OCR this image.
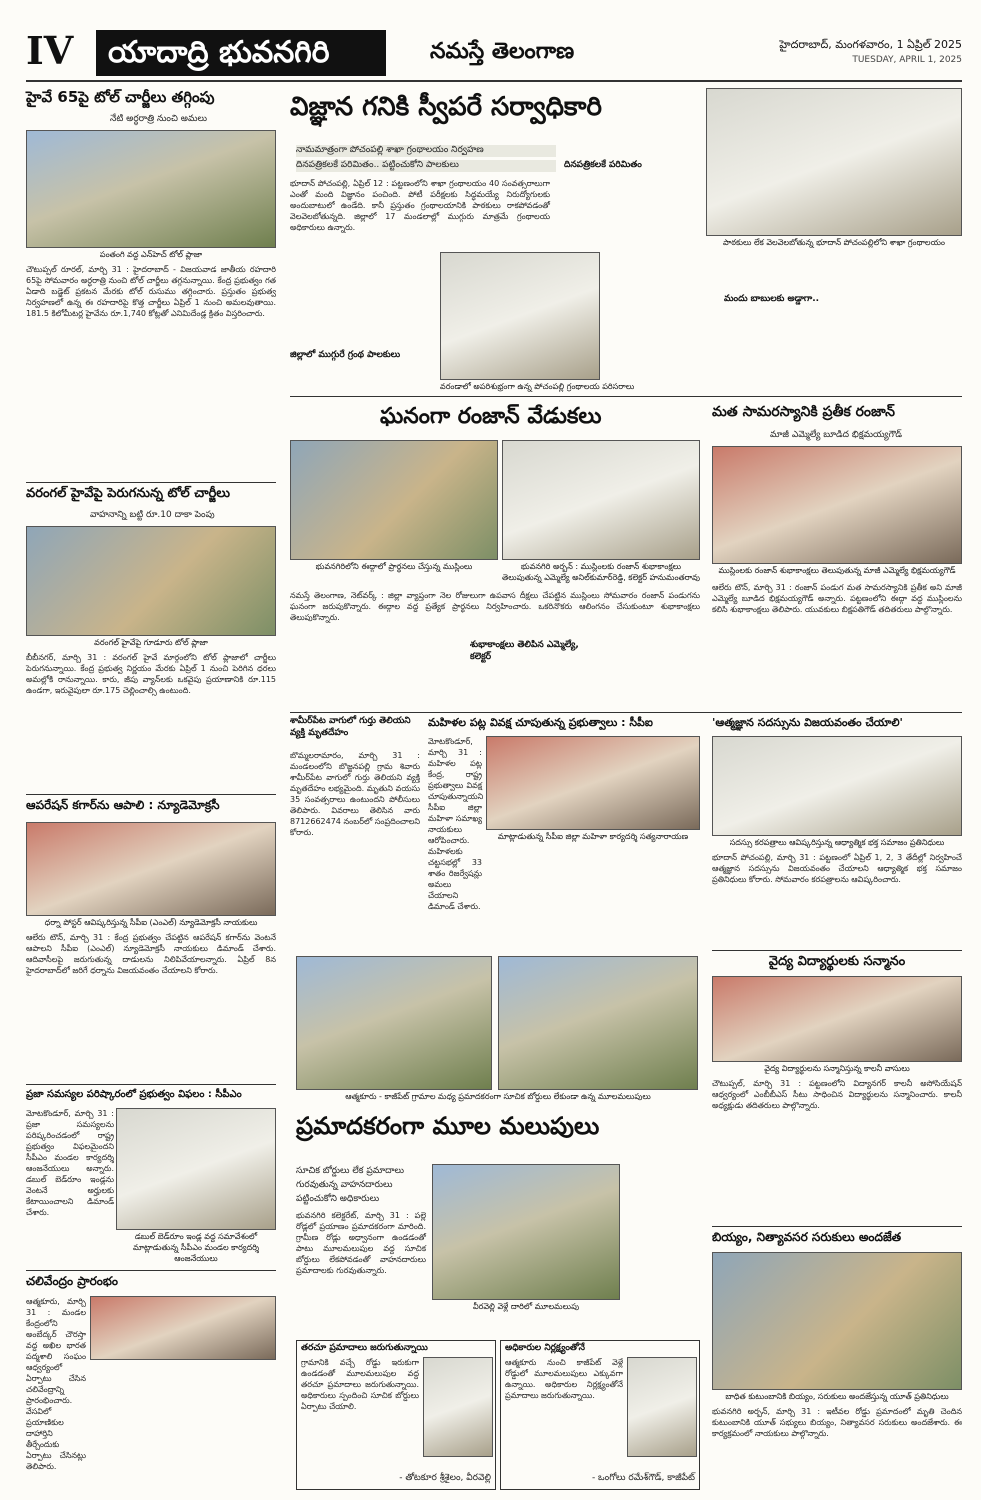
IV	యాదాద్రి భువనగిరి	నమస్తే తెలంగాణ	హైదరాబాద్, మంగళవారం, 1 ఏప్రిల్ 2025
TUESDAY, APRIL 1, 2025
హైవే 65పై టోల్ చార్జీలు తగ్గింపు
నేటి అర్ధరాత్రి నుంచి అమలు
పంతంగి వద్ద ఎన్‌హెచ్ టోల్ ప్లాజా
చౌటుప్పల్ రూరల్, మార్చి 31 : హైదరాబాద్ - విజయవాడ జాతీయ రహదారి 65పై సోమవారం అర్ధరాత్రి నుంచి టోల్ చార్జీలు తగ్గనున్నాయి. కేంద్ర ప్రభుత్వం గత ఏడాది బడ్జెట్ ప్రకటన మేరకు టోల్ రుసుము తగ్గించారు. ప్రస్తుతం ప్రభుత్వ నిర్వహణలో ఉన్న ఈ రహదారిపై కొత్త చార్జీలు ఏప్రిల్ 1 నుంచి అమలవుతాయి. 181.5 కిలోమీటర్ల హైవేను రూ.1,740 కోట్లతో ఎనిమిదేండ్ల క్రితం విస్తరించారు.
వరంగల్ హైవేపై పెరుగనున్న టోల్ చార్జీలు
వాహనాన్ని బట్టి రూ.10 దాకా పెంపు
వరంగల్ హైవేపై గూడూరు టోల్ ప్లాజా
బీబీనగర్, మార్చి 31 : వరంగల్ హైవే మార్గంలోని టోల్ ప్లాజాలో చార్జీలు పెరుగనున్నాయి. కేంద్ర ప్రభుత్వ నిర్ణయం మేరకు ఏప్రిల్ 1 నుంచి పెరిగిన ధరలు అమల్లోకి రానున్నాయి. కారు, జీపు వ్యాన్‌లకు ఒకవైపు ప్రయాణానికి రూ.115 ఉండగా, ఇరువైపులా రూ.175 చెల్లించాల్సి ఉంటుంది.
ఆపరేషన్ కగార్‌ను ఆపాలి : న్యూడెమోక్రసీ
ధర్నా పోస్టర్ ఆవిష్కరిస్తున్న సీపీఐ (ఎంఎల్) న్యూడెమోక్రసీ నాయకులు
ఆలేరు టౌన్, మార్చి 31 : కేంద్ర ప్రభుత్వం చేపట్టిన ఆపరేషన్ కగార్‌ను వెంటనే ఆపాలని సీపీఐ (ఎంఎల్) న్యూడెమోక్రసీ నాయకులు డిమాండ్ చేశారు. ఆదివాసీలపై జరుగుతున్న దాడులను నిలిపివేయాలన్నారు. ఏప్రిల్ 8న హైదరాబాద్‌లో జరిగే ధర్నాను విజయవంతం చేయాలని కోరారు.
ప్రజా సమస్యల పరిష్కారంలో ప్రభుత్వం విఫలం : సీపీఎం
మోటకొండూర్, మార్చి 31 : ప్రజా సమస్యలను పరిష్కరించడంలో రాష్ట్ర ప్రభుత్వం విఫలమైందని సీపీఎం మండల కార్యదర్శి ఆంజనేయులు అన్నారు. డబుల్ బెడ్‌రూం ఇండ్లను వెంటనే అర్హులకు కేటాయించాలని డిమాండ్ చేశారు.
డబుల్ బెడ్‌రూం ఇండ్ల వద్ద సమావేశంలో మాట్లాడుతున్న సీపీఎం మండల కార్యదర్శి ఆంజనేయులు
చలివేంద్రం ప్రారంభం
ఆత్మకూరు, మార్చి 31 : మండల కేంద్రంలోని అంబేద్కర్ చౌరస్తా వద్ద అఖిల భారత పద్మశాలి సంఘం ఆధ్వర్యంలో ఏర్పాటు చేసిన చలివేంద్రాన్ని ప్రారంభించారు. వేసవిలో ప్రయాణికుల దాహార్తిని తీర్చేందుకు ఏర్పాటు చేసినట్లు తెలిపారు.
విజ్ఞాన గనికి స్వీపరే సర్వాధికారి
నామమాత్రంగా పోచంపల్లి శాఖా గ్రంథాలయం నిర్వహణ
దినపత్రికలకే పరిమితం.. పట్టించుకోని పాలకులు
భూదాన్ పోచంపల్లి, ఏప్రిల్ 12 : పట్టణంలోని శాఖా గ్రంథాలయం 40 సంవత్సరాలుగా ఎంతో మంది విజ్ఞానం పంచింది. పోటీ పరీక్షలకు సిద్ధమయ్యే నిరుద్యోగులకు అందుబాటులో ఉండేది. కానీ ప్రస్తుతం గ్రంథాలయానికి పాఠకులు రాకపోవడంతో వెలవెలబోతున్నది. జిల్లాలో 17 మండలాల్లో ముగ్గురు మాత్రమే గ్రంథాలయ అధికారులు ఉన్నారు.
జిల్లాలో ముగ్గురే గ్రంథ పాలకులు
వరండాలో అపరిశుభ్రంగా ఉన్న పోచంపల్లి గ్రంథాలయ పరిసరాలు
దినపత్రికలకే పరిమితం
పాఠకులు లేక వెలవెలబోతున్న భూదాన్ పోచంపల్లిలోని శాఖా గ్రంథాలయం
మందు బాబులకు అడ్డాగా..
ఘనంగా రంజాన్ వేడుకలు
భువనగిరిలోని ఈద్గాలో ప్రార్థనలు చేస్తున్న ముస్లింలు	భువనగిరి అర్బన్ : ముస్లింలకు రంజాన్ శుభాకాంక్షలు తెలుపుతున్న ఎమ్మెల్యే అనిల్‌కుమార్‌రెడ్డి, కలెక్టర్ హనుమంతరావు
నమస్తే తెలంగాణ, నెట్‌వర్క్ : జిల్లా వ్యాప్తంగా నెల రోజులుగా ఉపవాస దీక్షలు చేపట్టిన ముస్లింలు సోమవారం రంజాన్ పండుగను ఘనంగా జరుపుకొన్నారు. ఈద్గాల వద్ద ప్రత్యేక ప్రార్థనలు నిర్వహించారు. ఒకరినొకరు ఆలింగనం చేసుకుంటూ శుభాకాంక్షలు తెలుపుకొన్నారు.
శుభాకాంక్షలు తెలిపిన ఎమ్మెల్యే, కలెక్టర్
మత సామరస్యానికి ప్రతీక రంజాన్
మాజీ ఎమ్మెల్యే బూడిద భిక్షమయ్యగౌడ్
ముస్లింలకు రంజాన్ శుభాకాంక్షలు తెలుపుతున్న మాజీ ఎమ్మెల్యే భిక్షమయ్యగౌడ్
ఆలేరు టౌన్, మార్చి 31 : రంజాన్ పండుగ మత సామరస్యానికి ప్రతీక అని మాజీ ఎమ్మెల్యే బూడిద భిక్షమయ్యగౌడ్ అన్నారు. పట్టణంలోని ఈద్గా వద్ద ముస్లింలను కలిసి శుభాకాంక్షలు తెలిపారు. యువకులు బిక్షపతిగౌడ్ తదితరులు పాల్గొన్నారు.
శామీర్‌పేట వాగులో గుర్తు తెలియని వ్యక్తి మృతదేహం
బొమ్మలరామారం, మార్చి 31 : మండలంలోని బొజ్జనపల్లి గ్రామ శివారు శామీర్‌పేట వాగులో గుర్తు తెలియని వ్యక్తి మృతదేహం లభ్యమైంది. మృతుని వయసు 35 సంవత్సరాలు ఉంటుందని పోలీసులు తెలిపారు. వివరాలు తెలిసిన వారు 8712662474 నంబర్‌లో సంప్రదించాలని కోరారు.
మహిళల పట్ల వివక్ష చూపుతున్న ప్రభుత్వాలు : సీపీఐ
మోటకొండూర్, మార్చి 31 : మహిళల పట్ల కేంద్ర, రాష్ట్ర ప్రభుత్వాలు వివక్ష చూపుతున్నాయని సీపీఐ జిల్లా మహిళా సమాఖ్య నాయకులు ఆరోపించారు. మహిళలకు చట్టసభల్లో 33 శాతం రిజర్వేషన్లు అమలు చేయాలని డిమాండ్ చేశారు.
మాట్లాడుతున్న సీపీఐ జిల్లా మహిళా కార్యదర్శి సత్యనారాయణ
'ఆత్మజ్ఞాన సదస్సును విజయవంతం చేయాలి'
సదస్సు కరపత్రాలు ఆవిష్కరిస్తున్న ఆధ్యాత్మిక భక్త సమాజం ప్రతినిధులు
భూదాన్ పోచంపల్లి, మార్చి 31 : పట్టణంలో ఏప్రిల్ 1, 2, 3 తేదీల్లో నిర్వహించే ఆత్మజ్ఞాన సదస్సును విజయవంతం చేయాలని ఆధ్యాత్మిక భక్త సమాజం ప్రతినిధులు కోరారు. సోమవారం కరపత్రాలను ఆవిష్కరించారు.
ఆత్మకూరు - కాజీపేట్ గ్రామాల మధ్య ప్రమాదకరంగా సూచిక బోర్డులు లేకుండా ఉన్న మూలమలుపులు
వైద్య విద్యార్థులకు సన్మానం
వైద్య విద్యార్థులను సన్మానిస్తున్న కాలనీ వాసులు
చౌటుప్పల్, మార్చి 31 : పట్టణంలోని విద్యానగర్ కాలనీ అసోసియేషన్ ఆధ్వర్యంలో ఎంబీబీఎస్ సీటు సాధించిన విద్యార్థులను సన్మానించారు. కాలనీ అధ్యక్షుడు తదితరులు పాల్గొన్నారు.
ప్రమాదకరంగా మూల మలుపులు
సూచిక బోర్డులు లేక ప్రమాదాలు
గురవుతున్న వాహనదారులు
పట్టించుకోని అధికారులు
భువనగిరి కలెక్టరేట్, మార్చి 31 : పల్లె రోడ్లలో ప్రయాణం ప్రమాదకరంగా మారింది. గ్రామీణ రోడ్లు అధ్వానంగా ఉండడంతో పాటు మూలమలుపుల వద్ద సూచిక బోర్డులు లేకపోవడంతో వాహనదారులు ప్రమాదాలకు గురవుతున్నారు.
వీరవెల్లి వెళ్లే దారిలో మూలమలుపు
తరచూ ప్రమాదాలు జరుగుతున్నాయి
గ్రామానికి వచ్చే రోడ్డు ఇరుకుగా ఉండడంతో మూలమలుపుల వద్ద తరచూ ప్రమాదాలు జరుగుతున్నాయి. అధికారులు స్పందించి సూచిక బోర్డులు ఏర్పాటు చేయాలి.
- తోటకూర శ్రీశైలం, వీరవెల్లి
అధికారుల నిర్లక్ష్యంతోనే
ఆత్మకూరు నుంచి కాజీపేట్ వెళ్లే రోడ్డులో మూలమలుపులు ఎక్కువగా ఉన్నాయి. అధికారుల నిర్లక్ష్యంతోనే ప్రమాదాలు జరుగుతున్నాయి.
- ఒంగోలు రమేశ్‌గౌడ్, కాజీపేట్
బియ్యం, నిత్యావసర సరుకులు అందజేత
బాధిత కుటుంబానికి బియ్యం, సరుకులు అందజేస్తున్న యూత్ ప్రతినిధులు
భువనగిరి అర్బన్, మార్చి 31 : ఇటీవల రోడ్డు ప్రమాదంలో మృతి చెందిన కుటుంబానికి యూత్ సభ్యులు బియ్యం, నిత్యావసర సరుకులు అందజేశారు. ఈ కార్యక్రమంలో నాయకులు పాల్గొన్నారు.
